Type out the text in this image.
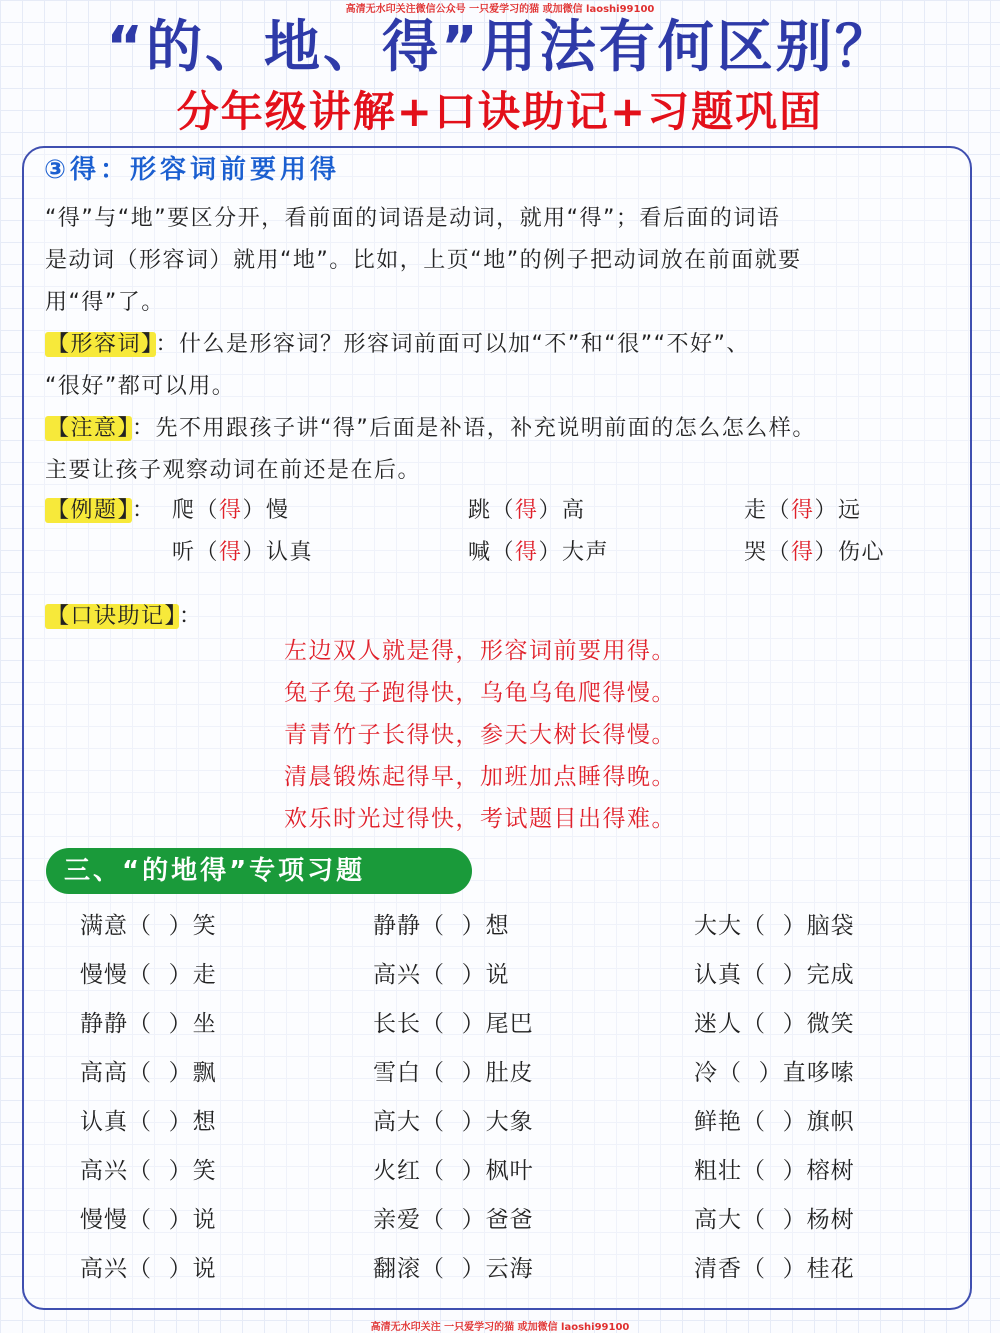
高清无水印关注微信公众号 一只爱学习的猫 或加微信 laoshi99100
“的、地、得”用法有何区别？
分年级讲解+口诀助记+习题巩固
③得：形容词前要用得
“得”与“地”要区分开，看前面的词语是动词，就用“得”；看后面的词语
是动词（形容词）就用“地”。比如，上页“地”的例子把动词放在前面就要
用“得”了。
【形容词】：什么是形容词？形容词前面可以加“不”和“很”“不好”、
“很好”都可以用。
【注意】：先不用跟孩子讲“得”后面是补语，补充说明前面的怎么怎么样。
主要让孩子观察动词在前还是在后。
【例题】： 爬（得）慢	跳（得）高	走（得）远
听（得）认真	喊（得）大声	哭（得）伤心
【口诀助记】：
左边双人就是得，形容词前要用得。
兔子兔子跑得快，乌龟乌龟爬得慢。
青青竹子长得快，参天大树长得慢。
清晨锻炼起得早，加班加点睡得晚。
欢乐时光过得快，考试题目出得难。
三、“的地得”专项习题
满意（  ）笑	静静（  ）想	大大（  ）脑袋
慢慢（  ）走	高兴（  ）说	认真（  ）完成
静静（  ）坐	长长（  ）尾巴	迷人（  ）微笑
高高（  ）飘	雪白（  ）肚皮	冷（  ）直哆嗦
认真（  ）想	高大（  ）大象	鲜艳（  ）旗帜
高兴（  ）笑	火红（  ）枫叶	粗壮（  ）榕树
慢慢（  ）说	亲爱（  ）爸爸	高大（  ）杨树
高兴（  ）说	翻滚（  ）云海	清香（  ）桂花
高清无水印关注 一只爱学习的猫 或加微信 laoshi99100
